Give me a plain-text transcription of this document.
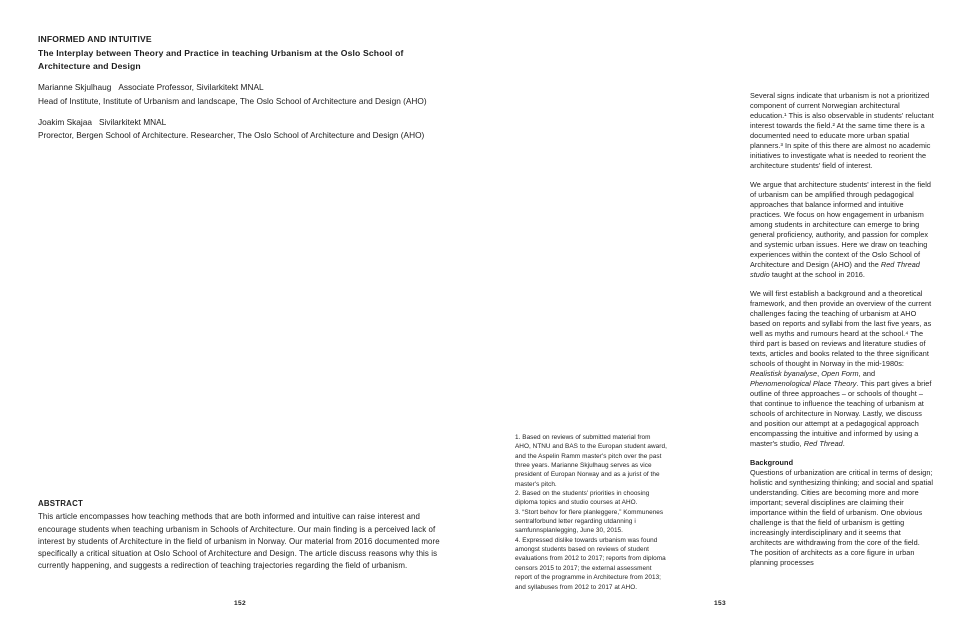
INFORMED AND INTUITIVE
The Interplay between Theory and Practice in teaching Urbanism at the Oslo School of Architecture and Design
Marianne Skjulhaug Associate Professor, Sivilarkitekt MNAL
Head of Institute, Institute of Urbanism and landscape, The Oslo School of Architecture and Design (AHO)
Joakim Skajaa Sivilarkitekt MNAL
Prorector, Bergen School of Architecture. Researcher, The Oslo School of Architecture and Design (AHO)
ABSTRACT
This article encompasses how teaching methods that are both informed and intuitive can raise interest and encourage students when teaching urbanism in Schools of Architecture. Our main finding is a perceived lack of interest by students of Architecture in the field of urbanism in Norway. Our material from 2016 documented more specifically a critical situation at Oslo School of Architecture and Design. The article discuss reasons why this is currently happening, and suggests a redirection of teaching trajectories regarding the field of urbanism.
152
1. Based on reviews of submitted material from AHO, NTNU and BAS to the Europan student award, and the Aspelin Ramm master's pitch over the past three years. Marianne Skjulhaug serves as vice president of Europan Norway and as a jurist of the master's pitch.
2. Based on the students' priorities in choosing diploma topics and studio courses at AHO.
3. “Stort behov for flere planleggere,” Kommunenes sentralforbund letter regarding utdanning i samfunnsplanlegging, June 30, 2015.
4. Expressed dislike towards urbanism was found amongst students based on reviews of student evaluations from 2012 to 2017; reports from diploma censors 2015 to 2017; the external assessment report of the programme in Architecture from 2013; and syllabuses from 2012 to 2017 at AHO.
Several signs indicate that urbanism is not a prioritized component of current Norwegian architectural education.¹ This is also observable in students' reluctant interest towards the field.² At the same time there is a documented need to educate more urban spatial planners.³ In spite of this there are almost no academic initiatives to investigate what is needed to reorient the architecture students' field of interest.
We argue that architecture students' interest in the field of urbanism can be amplified through pedagogical approaches that balance informed and intuitive practices. We focus on how engagement in urbanism among students in architecture can emerge to bring general proficiency, authority, and passion for complex and systemic urban issues. Here we draw on teaching experiences within the context of the Oslo School of Architecture and Design (AHO) and the Red Thread studio taught at the school in 2016.
We will first establish a background and a theoretical framework, and then provide an overview of the current challenges facing the teaching of urbanism at AHO based on reports and syllabi from the last five years, as well as myths and rumours heard at the school.⁴ The third part is based on reviews and literature studies of texts, articles and books related to the three significant schools of thought in Norway in the mid-1980s: Realistisk byanalyse, Open Form, and Phenomenological Place Theory. This part gives a brief outline of three approaches – or schools of thought – that continue to influence the teaching of urbanism at schools of architecture in Norway. Lastly, we discuss and position our attempt at a pedagogical approach encompassing the intuitive and informed by using a master's studio, Red Thread.
Background
Questions of urbanization are critical in terms of design; holistic and synthesizing thinking; and social and spatial understanding. Cities are becoming more and more important; several disciplines are claiming their importance within the field of urbanism. One obvious challenge is that the field of urbanism is getting increasingly interdisciplinary and it seems that architects are withdrawing from the core of the field. The position of architects as a core figure in urban planning processes
153
